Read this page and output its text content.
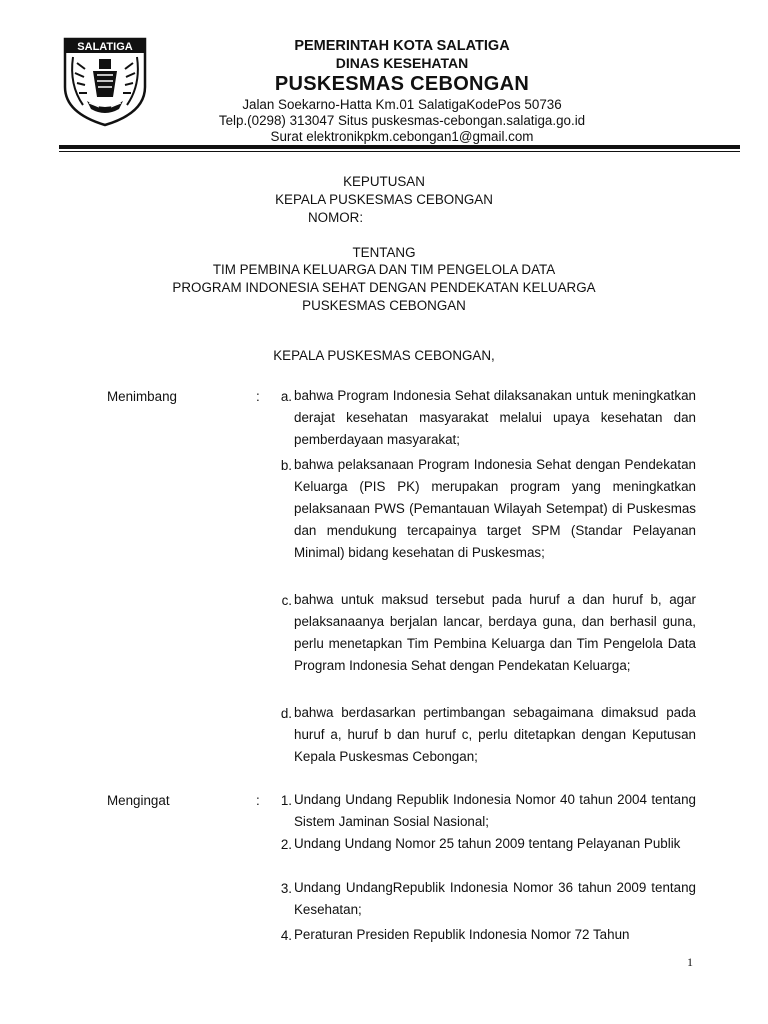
SALATIGA	PEMERINTAH KOTA SALATIGA
DINAS KESEHATAN
PUSKESMAS CEBONGAN
Jalan Soekarno-Hatta Km.01 SalatigaKodePos 50736
Telp.(0298) 313047 Situs puskesmas-cebongan.salatiga.go.id
Surat elektronikpkm.cebongan1@gmail.com
KEPUTUSAN
KEPALA PUSKESMAS CEBONGAN
NOMOR:
TENTANG
TIM PEMBINA KELUARGA DAN TIM PENGELOLA DATA
PROGRAM INDONESIA SEHAT DENGAN PENDEKATAN KELUARGA
PUSKESMAS CEBONGAN
KEPALA PUSKESMAS CEBONGAN,
Menimbang	:	a. bahwa Program Indonesia Sehat dilaksanakan untuk meningkatkan derajat kesehatan masyarakat melalui upaya kesehatan dan pemberdayaan masyarakat;
b. bahwa pelaksanaan Program Indonesia Sehat dengan Pendekatan Keluarga (PIS PK) merupakan program yang meningkatkan pelaksanaan PWS (Pemantauan Wilayah Setempat) di Puskesmas dan mendukung tercapainya target SPM (Standar Pelayanan Minimal) bidang kesehatan di Puskesmas;
c. bahwa untuk maksud tersebut pada huruf a dan huruf b, agar pelaksanaanya berjalan lancar, berdaya guna, dan berhasil guna, perlu menetapkan Tim Pembina Keluarga dan Tim Pengelola Data Program Indonesia Sehat dengan Pendekatan Keluarga;
d. bahwa berdasarkan pertimbangan sebagaimana dimaksud pada huruf a, huruf b dan huruf c, perlu ditetapkan dengan Keputusan Kepala Puskesmas Cebongan;
Mengingat	:	1. Undang Undang Republik Indonesia Nomor 40 tahun 2004 tentang Sistem Jaminan Sosial Nasional;
2. Undang Undang Nomor 25 tahun 2009 tentang Pelayanan Publik
3. Undang UndangRepublik Indonesia Nomor 36 tahun 2009 tentang Kesehatan;
4. Peraturan Presiden Republik Indonesia Nomor 72 Tahun
1
